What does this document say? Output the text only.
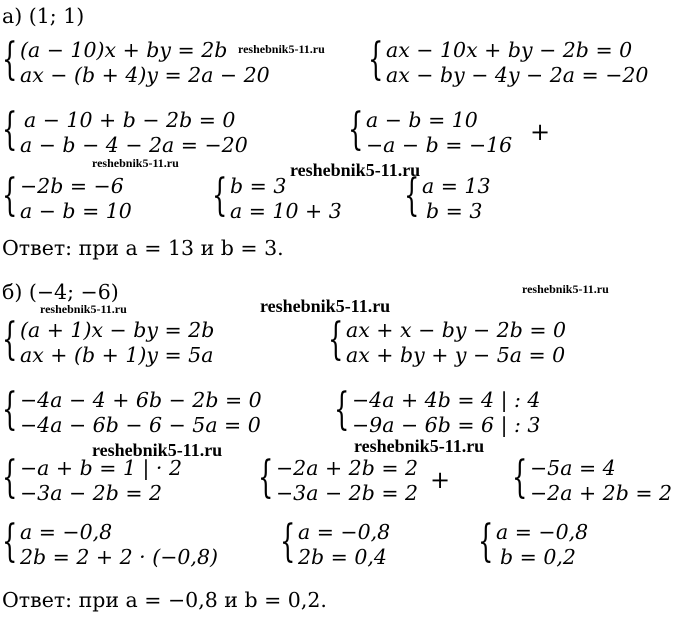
а) (1; 1)
{ (a − 10)x + by = 2b
ax − (b + 4)y = 2a − 20 { ax − 10x + by − 2b = 0
ax − by − 4y − 2a = −20
{ a − 10 + b − 2b = 0
a − b − 4 − 2a = −20 { a − b = 10
−a − b = −16 +
{ −2b = −6
a − b = 10 { b = 3
a = 10 + 3 { a = 13
b = 3
Ответ: при a = 13 и b = 3.
б) (−4; −6)
{ (a + 1)x − by = 2b
ax + (b + 1)y = 5a	{ ax + x − by − 2b = 0
ax + by + y − 5a = 0
{ −4a − 4 + 6b − 2b = 0
−4a − 6b − 6 − 5a = 0 { −4a + 4b = 4 | : 4
−9a − 6b = 6 | : 3
{ −a + b = 1 | · 2
−3a − 2b = 2 { −2a + 2b = 2
−3a − 2b = 2 + { −5a = 4
−2a + 2b = 2
{ a = −0,8
2b = 2 + 2 · (−0,8) { a = −0,8
2b = 0,4 { a = −0,8
b = 0,2
Ответ: при a = −0,8 и b = 0,2.
reshebnik5-11.ru
reshebnik5-11.ru	reshebnik5-11.ru
reshebnik5-11.ru
reshebnik5-11.ru	reshebnik5-11.ru
reshebnik5-11.ru	reshebnik5-11.ru
